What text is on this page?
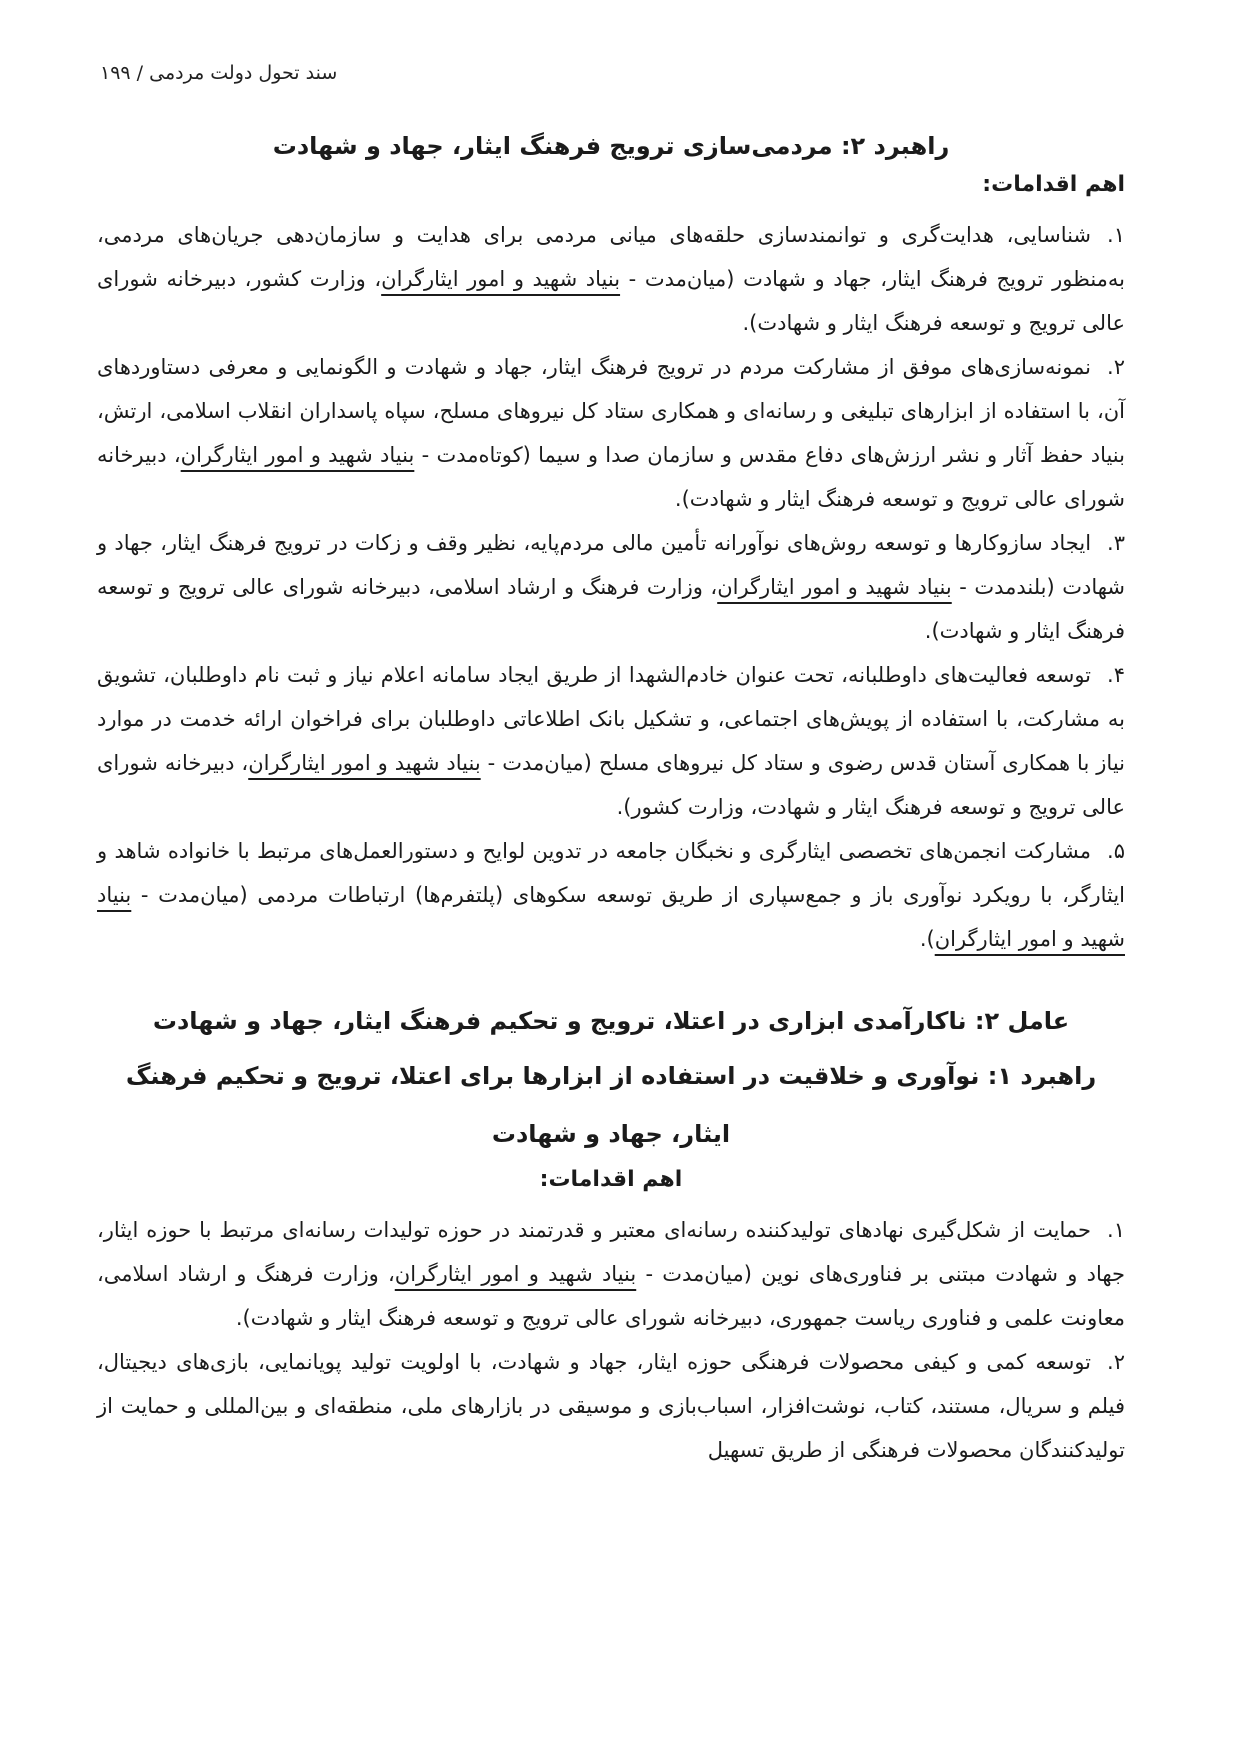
سند تحول دولت مردمی / ۱۹۹
راهبرد ۲: مردمی‌سازی ترویج فرهنگ ایثار، جهاد و شهادت
اهم اقدامات:

۱.شناسایی، هدایت‌گری و توانمندسازی حلقه‌های میانی مردمی برای هدایت و سازمان‌دهی جریان‌های مردمی، به‌منظور ترویج فرهنگ ایثار، جهاد و شهادت (میان‌مدت - بنیاد شهید و امور ایثارگران، وزارت کشور، دبیرخانه شورای عالی ترویج و توسعه فرهنگ ایثار و شهادت).

۲.نمونه‌سازی‌های موفق از مشارکت مردم در ترویج فرهنگ ایثار، جهاد و شهادت و الگونمایی و معرفی دستاوردهای آن، با استفاده از ابزارهای تبلیغی و رسانه‌ای و همکاری ستاد کل نیروهای مسلح، سپاه پاسداران انقلاب اسلامی، ارتش، بنیاد حفظ آثار و نشر ارزش‌های دفاع مقدس و سازمان صدا و سیما (کوتاه‌مدت - بنیاد شهید و امور ایثارگران، دبیرخانه شورای عالی ترویج و توسعه فرهنگ ایثار و شهادت).

۳.ایجاد سازوکارها و توسعه روش‌های نوآورانه تأمین مالی مردم‌پایه، نظیر وقف و زکات در ترویج فرهنگ ایثار، جهاد و شهادت (بلندمدت - بنیاد شهید و امور ایثارگران، وزارت فرهنگ و ارشاد اسلامی، دبیرخانه شورای عالی ترویج و توسعه فرهنگ ایثار و شهادت).

۴.توسعه فعالیت‌های داوطلبانه، تحت عنوان خادم‌الشهدا از طریق ایجاد سامانه اعلام نیاز و ثبت نام داوطلبان، تشویق به مشارکت، با استفاده از پویش‌های اجتماعی، و تشکیل بانک اطلاعاتی داوطلبان برای فراخوان ارائه خدمت در موارد نیاز با همکاری آستان قدس رضوی و ستاد کل نیروهای مسلح (میان‌مدت - بنیاد شهید و امور ایثارگران، دبیرخانه شورای عالی ترویج و توسعه فرهنگ ایثار و شهادت، وزارت کشور).

۵.مشارکت انجمن‌های تخصصی ایثارگری و نخبگان جامعه در تدوین لوایح و دستورالعمل‌های مرتبط با خانواده شاهد و ایثارگر، با رویکرد نوآوری باز و جمع‌سپاری از طریق توسعه سکوهای (پلتفرم‌ها) ارتباطات مردمی (میان‌مدت - بنیاد شهید و امور ایثارگران).

عامل ۲: ناکارآمدی ابزاری در اعتلا، ترویج و تحکیم فرهنگ ایثار، جهاد و شهادت
راهبرد ۱: نوآوری و خلاقیت در استفاده از ابزارها برای اعتلا، ترویج و تحکیم فرهنگ ایثار، جهاد و شهادت
اهم اقدامات:

۱.حمایت از شکل‌گیری نهادهای تولیدکننده رسانه‌ای معتبر و قدرتمند در حوزه تولیدات رسانه‌ای مرتبط با حوزه ایثار، جهاد و شهادت مبتنی بر فناوری‌های نوین (میان‌مدت - بنیاد شهید و امور ایثارگران، وزارت فرهنگ و ارشاد اسلامی، معاونت علمی و فناوری ریاست جمهوری، دبیرخانه شورای عالی ترویج و توسعه فرهنگ ایثار و شهادت).

۲.توسعه کمی و کیفی محصولات فرهنگی حوزه ایثار، جهاد و شهادت، با اولویت تولید پویانمایی، بازی‌های دیجیتال، فیلم و سریال، مستند، کتاب، نوشت‌افزار، اسباب‌بازی و موسیقی در بازارهای ملی، منطقه‌ای و بین‌المللی و حمایت از تولیدکنندگان محصولات فرهنگی از طریق تسهیل
